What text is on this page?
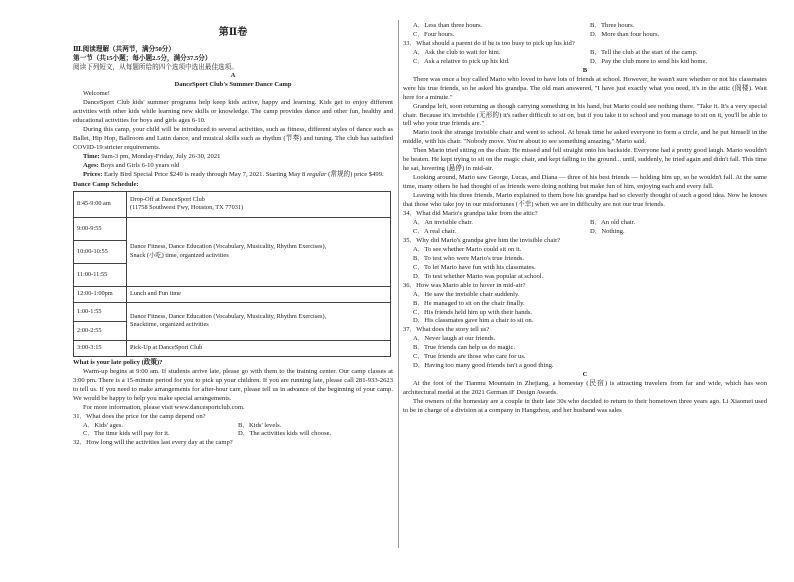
第Ⅱ卷

Ⅲ.阅读理解（共两节，满分50分）

第一节（共15小题；每小题2.5分，满分37.5分）

阅读下列短文，从每题所给的四个选项中选出最佳选项。

A

DanceSport Club's Summer Dance Camp

Welcome!

DanceSport Club kids' summer programs help keep kids active, happy and learning. Kids get to enjoy different activities with other kids while learning new skills or knowledge. The camp provides dance and other fun, healthy and educational activities for boys and girls ages 6-10.

During this camp, your child will be introduced to several activities, such as fitness, different styles of dance such as Ballet, Hip Hop, Ballroom and Latin dance, and musical skills such as rhythm (节奏) and tuning. The club has satisfied COVID-19 stricter requirements.

Time: 9am-3 pm, Monday-Friday, July 26-30, 2021

Ages: Boys and Girls 6-10 years old

Prices: Early Bird Special Price $249 is ready through May 7, 2021. Starting May 8 regular (常规的) price $499.

Dance Camp Schedule:

8:45-9:00 am	Drop-Off at DanceSport Club
(11758 Southwest Fwy, Houston, TX 77031)

9:00-9:55	Dance Fitness, Dance Education (Vocabulary, Musicality, Rhythm Exercises),
Snack (小吃) time, organized activities

10:00-10:55	
11:00-11:55	
12:00-1:00pm	Lunch and Fun time
1:00-1:55	Dance Fitness, Dance Education (Vocabulary, Musicality, Rhythm Exercises),
Snacktime, organized activities

2:00-2:55	
3:00-3:15	Pick-Up at DanceSport Club

What is your late policy (政策)?

Warm-up begins at 9:00 am. If students arrive late, please go with them to the training center. Our camp classes at 3:00 pm. There is a 15-minute period for you to pick up your children. If you are running late, please call 281-933-2623 to tell us. If you need to make arrangements for after-hour care, please tell us in advance of the beginning of your camp. We would be happy to help you make special arrangements.

For more information, please visit www.dancesportclub.com.

31．What does the price for the camp depend on?

A．Kids' ages.	B．Kids' levels.
C．The time kids will pay for it.	D．The activities kids will choose.

32．How long will the activities last every day at the camp?

A．Less than three hours.	B．Three hours.
C．Four hours.	D．More than four hours.

33．What should a parent do if he is too busy to pick up his kid?

A．Ask the club to wait for him.	B．Tell the club at the start of the camp.
C．Ask a relative to pick up his kid.	D．Pay the club more to send his kid home.

B

There was once a boy called Mario who loved to have lots of friends at school. However, he wasn't sure whether or not his classmates were his true friends, so he asked his grandpa. The old man answered, "I have just exactly what you need, it's in the attic (阁楼). Wait here for a minute."

Grandpa left, soon returning as though carrying something in his hand, but Mario could see nothing there. "Take it. It's a very special chair. Because it's invisible (无形的) it's rather difficult to sit on, but if you take it to school and you manage to sit on it, you'll be able to tell who your true friends are."

Mario took the strange invisible chair and went to school. At break time he asked everyone to form a circle, and he put himself in the middle, with his chair. "Nobody move. You're about to see something amazing," Mario said.

Then Mario tried sitting on the chair. He missed and fell straight onto his backside. Everyone had a pretty good laugh. Mario wouldn't be beaten. He kept trying to sit on the magic chair, and kept falling to the ground... until, suddenly, he tried again and didn't fall. This time he sat, hovering (悬停) in mid-air.

Looking around, Mario saw George, Lucas, and Diana — three of his best friends — holding him up, so he wouldn't fall. At the same time, many others he had thought of as friends were doing nothing but make fun of him, enjoying each and every fall.

Leaving with his three friends, Mario explained to them how his grandpa had so cleverly thought of such a good idea. Now he knows that those who take joy in our misfortunes (不幸) when we are in difficulty are not our true friends.

34．What did Mario's grandpa take from the attic?

A．An invisible chair.	B．An old chair.
C．A real chair.	D．Nothing.

35．Why did Mario's grandpa give him the invisible chair?

A．To see whether Mario could sit on it.

B．To test who were Mario's true friends.

C．To let Mario have fun with his classmates.

D．To test whether Mario was popular at school.

36．How was Mario able to hover in mid-air?

A．He saw the invisible chair suddenly.

B．He managed to sit on the chair finally.

C．His friends held him up with their hands.

D．His classmates gave him a chair to sit on.

37．What does the story tell us?

A．Never laugh at our friends.

B．True friends can help us do magic.

C．True friends are those who care for us.

D．Having too many good friends isn't a good thing.

C

At the foot of the Tianmu Mountain in Zhejiang, a homestay (民宿) is attracting travelers from far and wide, which has won architectural medal at the 2021 German iF Design Awards.

The owners of the homestay are a couple in their late 30s who decided to return to their hometown three years ago. Li Xiaomei used to be in charge of a division at a company in Hangzhou, and her husband was sales
